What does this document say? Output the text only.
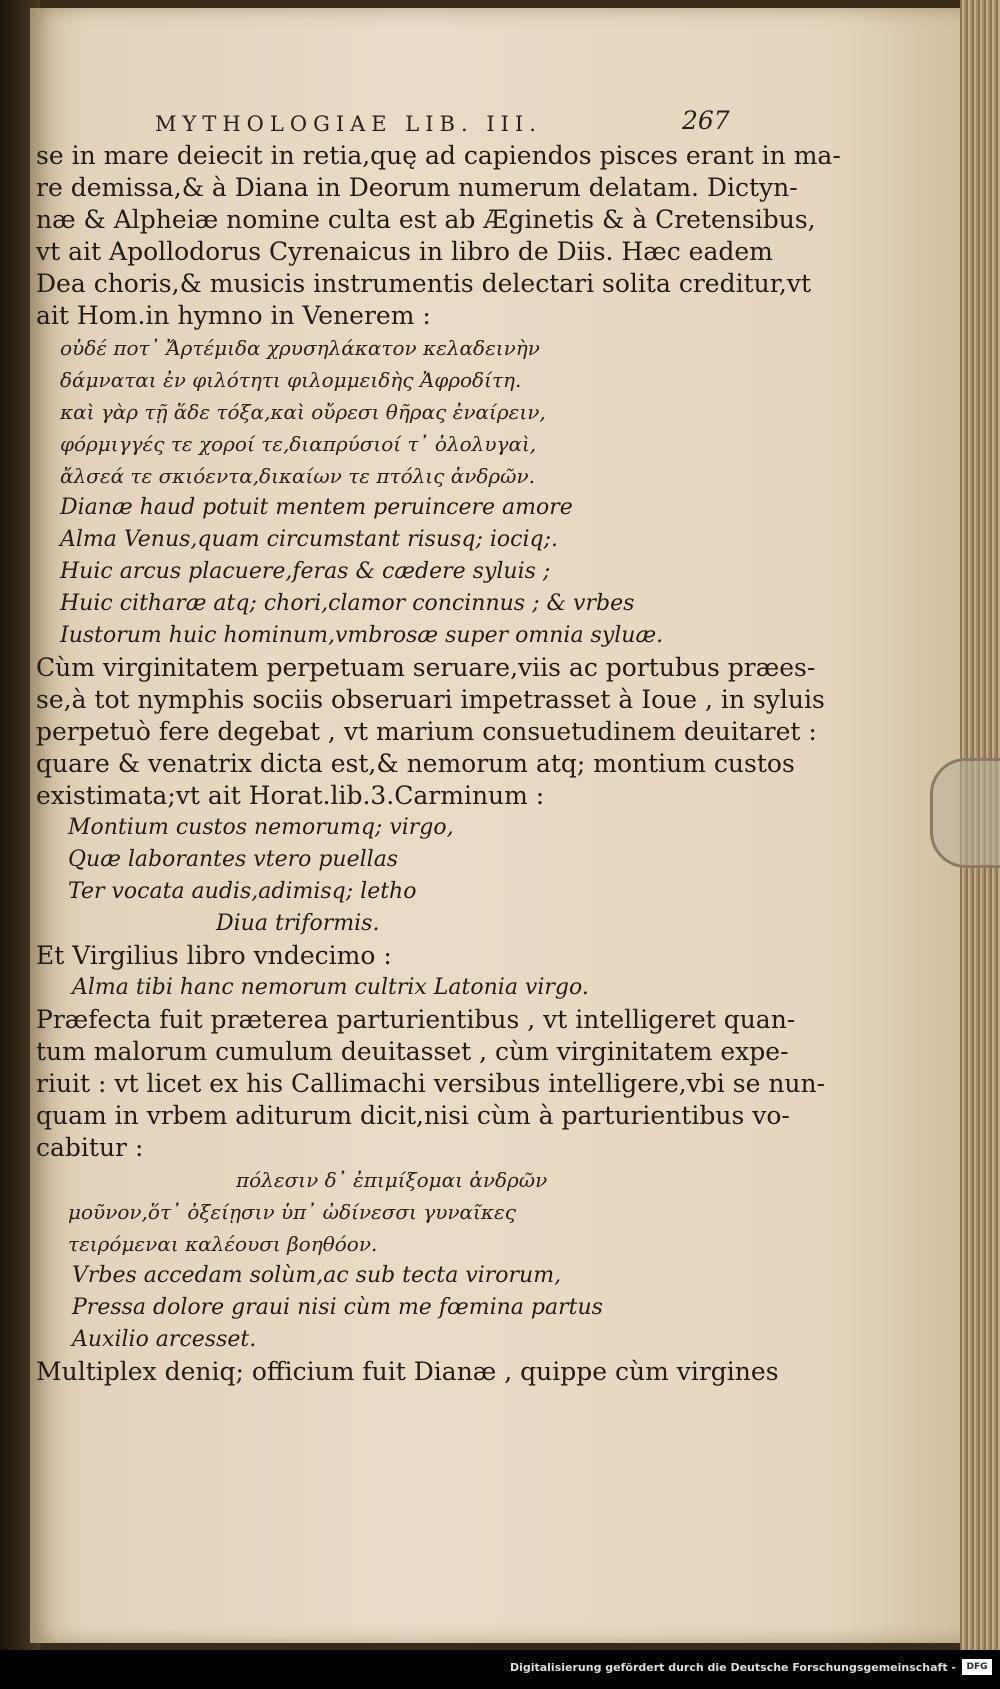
MYTHOLOGIAE LIB. III.	267
se in mare deiecit in retia,quę ad capiendos pisces erant in ma-
re demissa,& à Diana in Deorum numerum delatam. Dictyn-
næ & Alpheiæ nomine culta est ab Æginetis & à Cretensibus,
vt ait Apollodorus Cyrenaicus in libro de Diis. Hæc eadem
Dea choris,& musicis instrumentis delectari solita creditur,vt
ait Hom.in hymno in Venerem :
οὐδέ ποτ᾽ Ἄρτέμιδα χρυσηλάκατον κελαδεινὴν
δάμναται ἐν φιλότητι φιλομμειδὴς Ἀφροδίτη.
καὶ γὰρ τῇ ἅδε τόξα,καὶ οὔρεσι θῆρας ἐναίρειν,
φόρμιγγές τε χοροί τε,διαπρύσιοί τ᾽ ὀλολυγαὶ,
ἄλσεά τε σκιόεντα,δικαίων τε πτόλις ἀνδρῶν.
Dianæ haud potuit mentem peruincere amore
Alma Venus,quam circumstant risusq; iociq;.
Huic arcus placuere,feras & cædere syluis ;
Huic citharæ atq; chori,clamor concinnus ; & vrbes
Iustorum huic hominum,vmbrosæ super omnia syluæ.
Cùm virginitatem perpetuam seruare,viis ac portubus præes-
se,à tot nymphis sociis obseruari impetrasset à Ioue , in syluis
perpetuò fere degebat , vt marium consuetudinem deuitaret :
quare & venatrix dicta est,& nemorum atq; montium custos
existimata;vt ait Horat.lib.3.Carminum :
Montium custos nemorumq; virgo,
Quæ laborantes vtero puellas
Ter vocata audis,adimisq; letho
Diua triformis.
Et Virgilius libro vndecimo :
Alma tibi hanc nemorum cultrix Latonia virgo.
Præfecta fuit præterea parturientibus , vt intelligeret quan-
tum malorum cumulum deuitasset , cùm virginitatem expe-
riuit : vt licet ex his Callimachi versibus intelligere,vbi se nun-
quam in vrbem aditurum dicit,nisi cùm à parturientibus vo-
cabitur :
πόλεσιν δ᾽ ἐπιμίξομαι ἀνδρῶν
μοῦνον,ὅτ᾽ ὀξείῃσιν ὑπ᾽ ὠδίνεσσι γυναῖκες
τειρόμεναι καλέουσι βοηθόον.
Vrbes accedam solùm,ac sub tecta virorum,
Pressa dolore graui nisi cùm me fœmina partus
Auxilio arcesset.
Multiplex deniq; officium fuit Dianæ , quippe cùm virgines
Digitalisierung gefördert durch die Deutsche Forschungsgemeinschaft -	DFG
